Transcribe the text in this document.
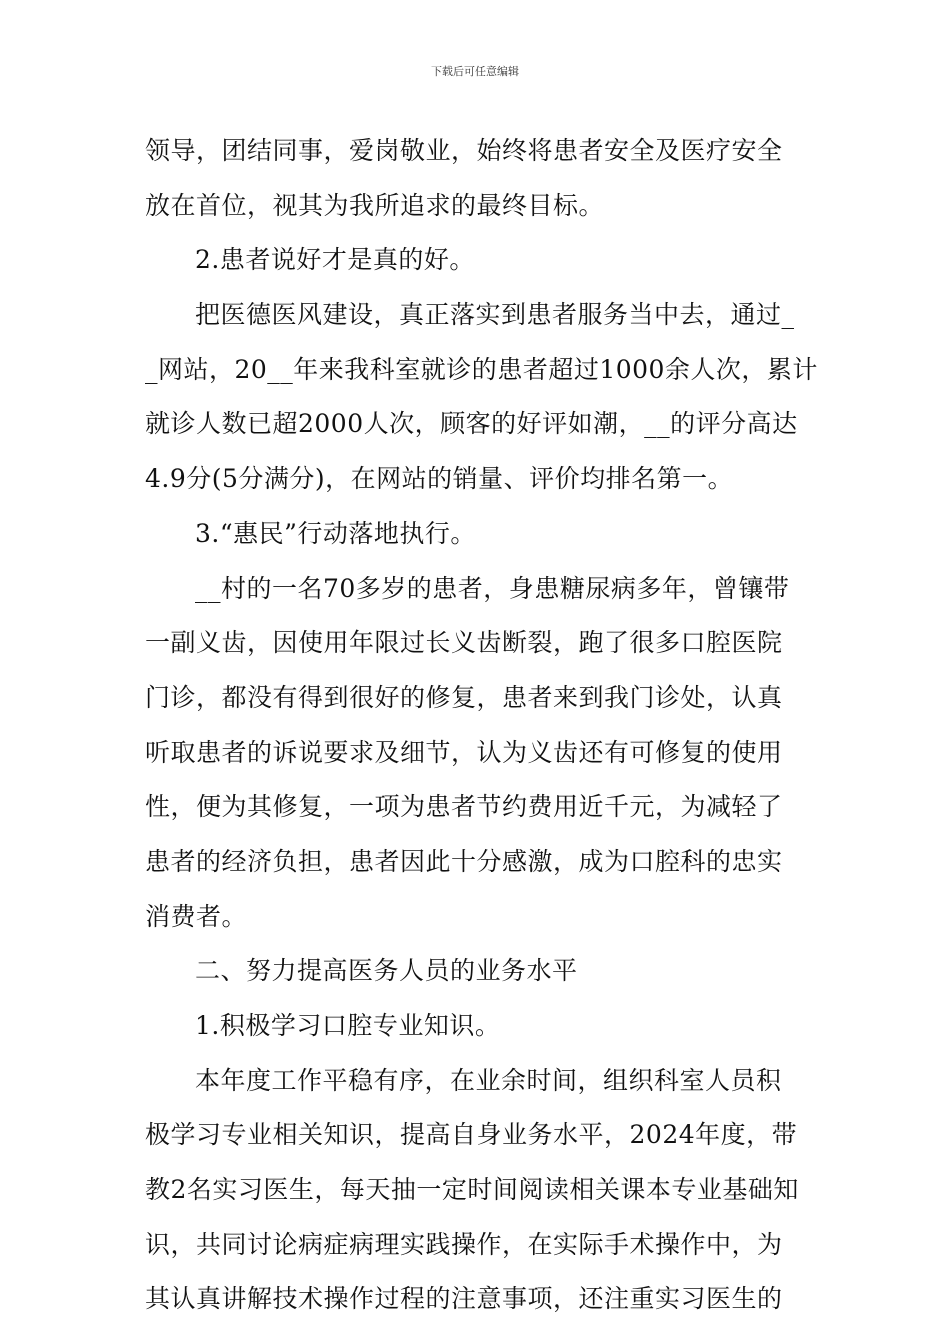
下载后可任意编辑
领导，团结同事，爱岗敬业，始终将患者安全及医疗安全
放在首位，视其为我所追求的最终目标。
2.患者说好才是真的好。
把医德医风建设，真正落实到患者服务当中去，通过_
_网站，20__年来我科室就诊的患者超过1000余人次，累计
就诊人数已超2000人次，顾客的好评如潮，__的评分高达
4.9分(5分满分)，在网站的销量、评价均排名第一。
3.“惠民”行动落地执行。
__村的一名70多岁的患者，身患糖尿病多年，曾镶带
一副义齿，因使用年限过长义齿断裂，跑了很多口腔医院
门诊，都没有得到很好的修复，患者来到我门诊处，认真
听取患者的诉说要求及细节，认为义齿还有可修复的使用
性，便为其修复，一项为患者节约费用近千元，为减轻了
患者的经济负担，患者因此十分感激，成为口腔科的忠实
消费者。
二、努力提高医务人员的业务水平
1.积极学习口腔专业知识。
本年度工作平稳有序，在业余时间，组织科室人员积
极学习专业相关知识，提高自身业务水平，2024年度，带
教2名实习医生，每天抽一定时间阅读相关课本专业基础知
识，共同讨论病症病理实践操作，在实际手术操作中，为
其认真讲解技术操作过程的注意事项，还注重实习医生的
